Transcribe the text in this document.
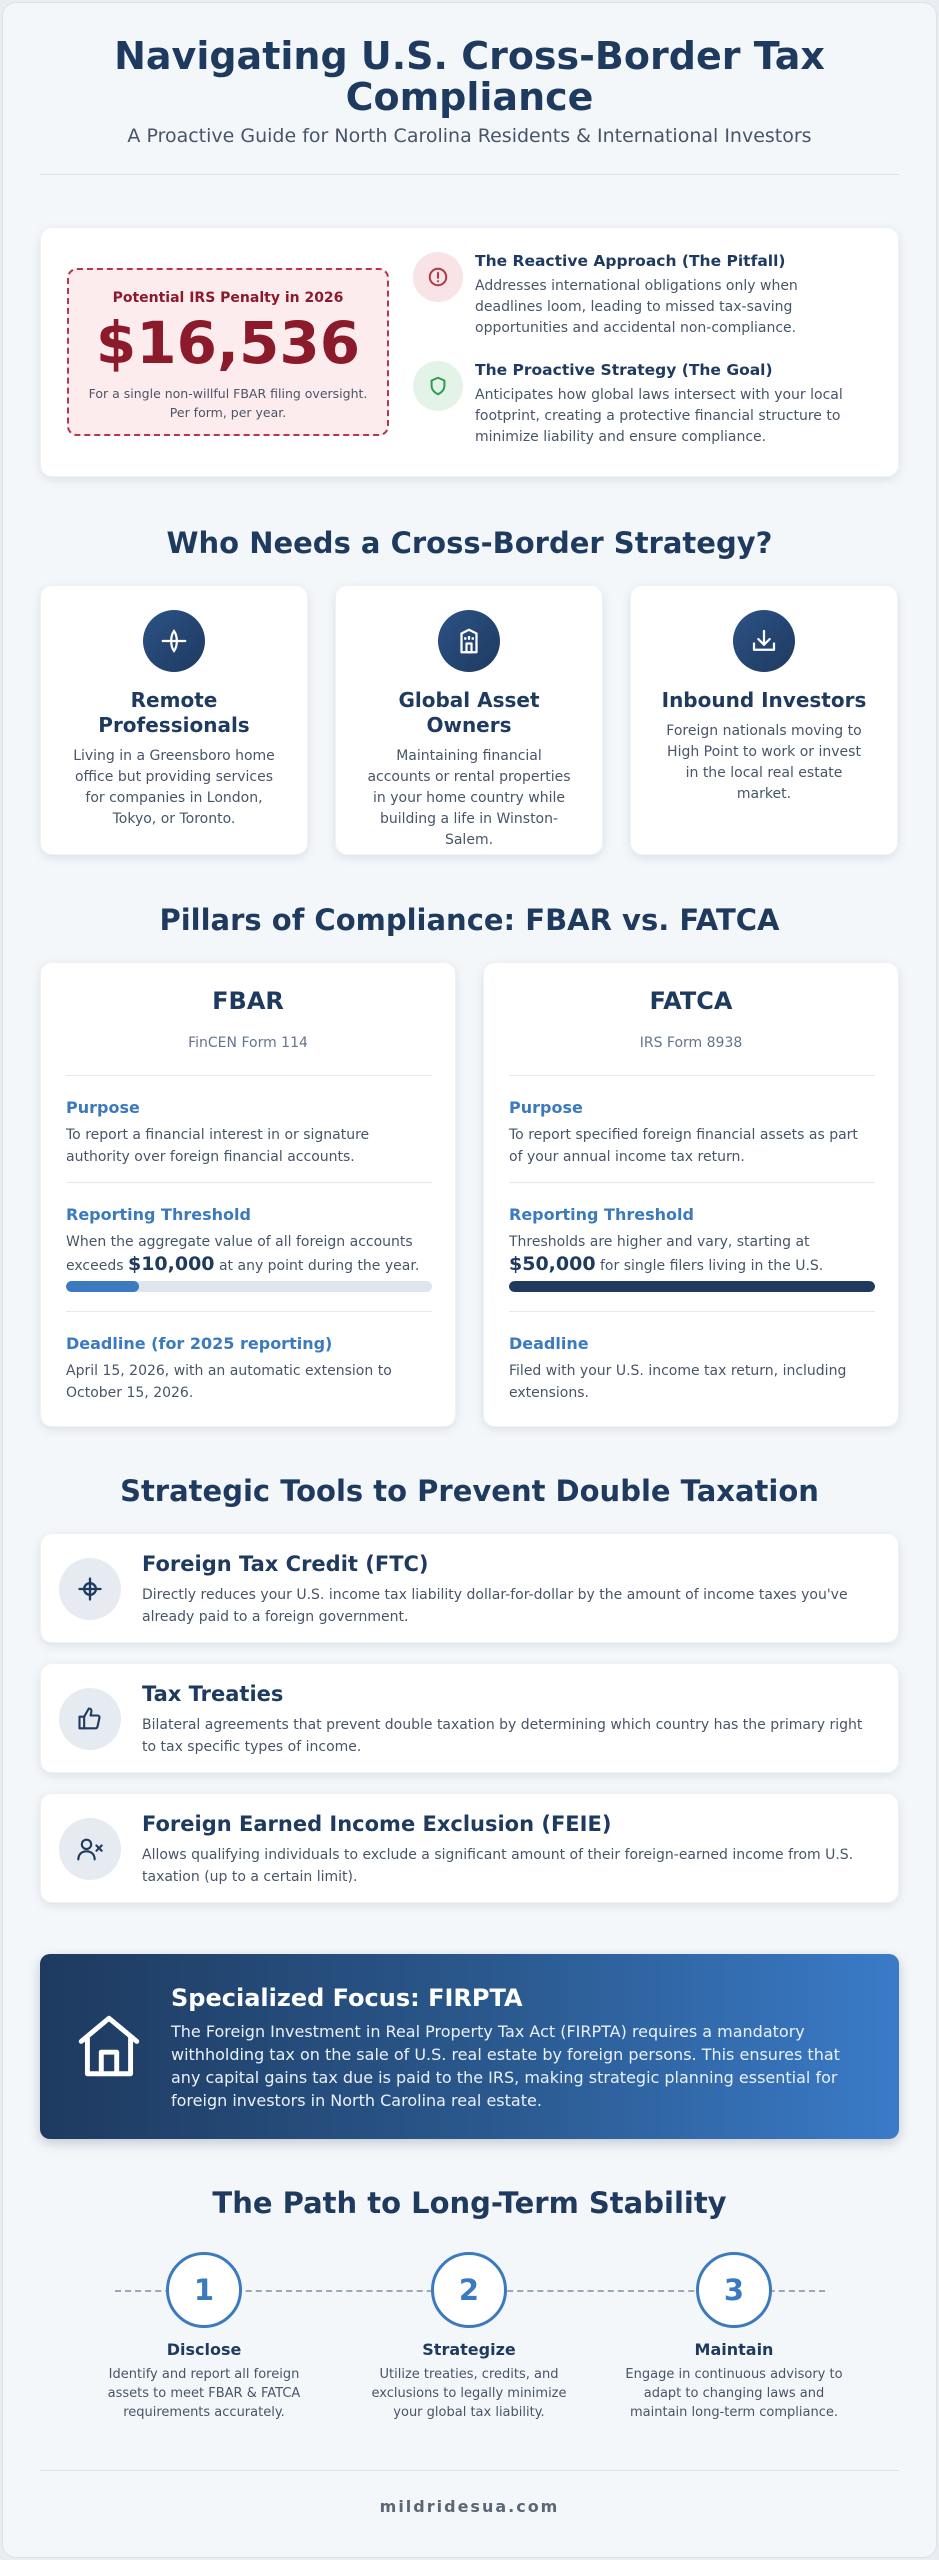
Navigating U.S. Cross-Border Tax Compliance
A Proactive Guide for North Carolina Residents & International Investors
Potential IRS Penalty in 2026
$16,536
For a single non-willful FBAR filing oversight. Per form, per year.
The Reactive Approach (The Pitfall)

Addresses international obligations only when deadlines loom, leading to missed tax-saving opportunities and accidental non-compliance.

The Proactive Strategy (The Goal)

Anticipates how global laws intersect with your local footprint, creating a protective financial structure to minimize liability and ensure compliance.

Who Needs a Cross-Border Strategy?
Remote Professionals

Living in a Greensboro home office but providing services for companies in London, Tokyo, or Toronto.

Global Asset Owners

Maintaining financial accounts or rental properties in your home country while building a life in Winston-Salem.

Inbound Investors

Foreign nationals moving to High Point to work or invest in the local real estate market.

Pillars of Compliance: FBAR vs. FATCA
FBAR
FinCEN Form 114
Purpose

To report a financial interest in or signature authority over foreign financial accounts.

Reporting Threshold

When the aggregate value of all foreign accounts exceeds $10,000 at any point during the year.

Deadline (for 2025 reporting)

April 15, 2026, with an automatic extension to October 15, 2026.

FATCA
IRS Form 8938
Purpose

To report specified foreign financial assets as part of your annual income tax return.

Reporting Threshold

Thresholds are higher and vary, starting at
$50,000 for single filers living in the U.S.

Deadline

Filed with your U.S. income tax return, including extensions.

Strategic Tools to Prevent Double Taxation
Foreign Tax Credit (FTC)

Directly reduces your U.S. income tax liability dollar-for-dollar by the amount of income taxes you've already paid to a foreign government.

Tax Treaties

Bilateral agreements that prevent double taxation by determining which country has the primary right to tax specific types of income.

Foreign Earned Income Exclusion (FEIE)

Allows qualifying individuals to exclude a significant amount of their foreign-earned income from U.S. taxation (up to a certain limit).

Specialized Focus: FIRPTA

The Foreign Investment in Real Property Tax Act (FIRPTA) requires a mandatory withholding tax on the sale of U.S. real estate by foreign persons. This ensures that any capital gains tax due is paid to the IRS, making strategic planning essential for foreign investors in North Carolina real estate.

The Path to Long-Term Stability
1
Disclose

Identify and report all foreign assets to meet FBAR & FATCA requirements accurately.

2
Strategize

Utilize treaties, credits, and exclusions to legally minimize your global tax liability.

3
Maintain

Engage in continuous advisory to adapt to changing laws and maintain long-term compliance.

mildridesua.com
